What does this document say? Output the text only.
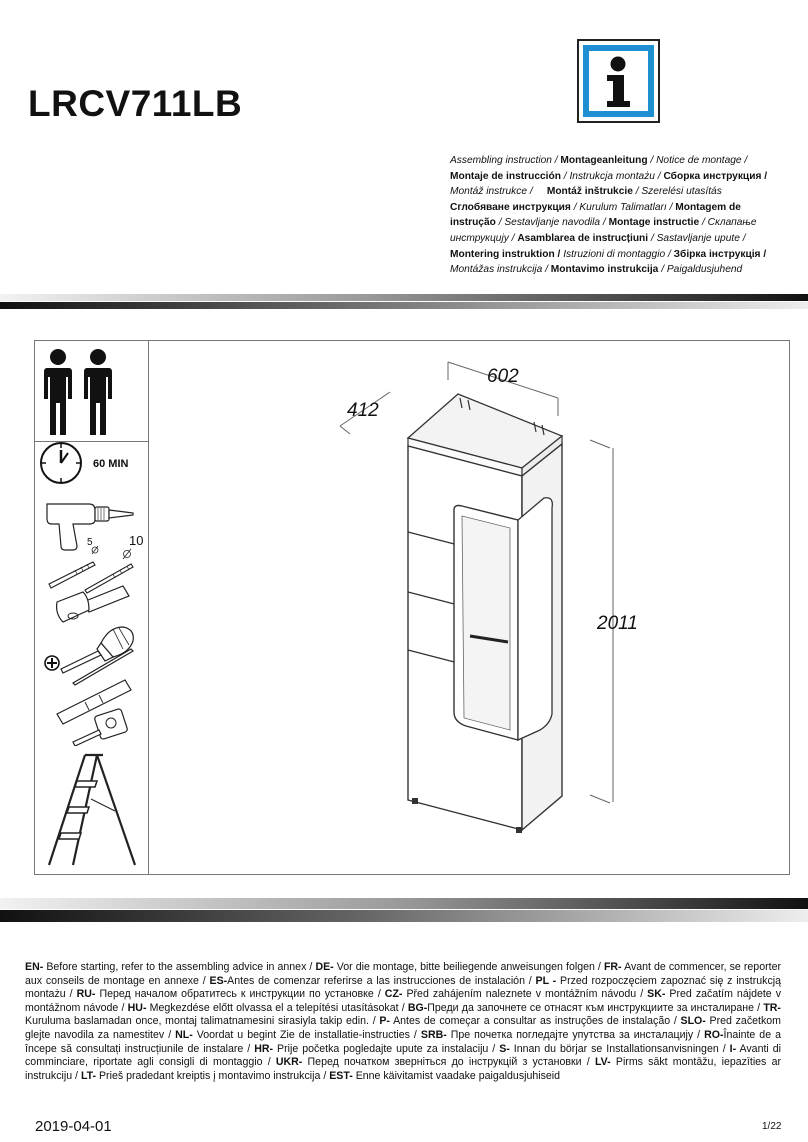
LRCV711LB
Assembling instruction / Montageanleitung / Notice de montage /
Montaje de instrucción / Instrukcja montażu / Сборка инструкция /
Montáž instrukce /     Montáž inštrukcie / Szerelési utasítás
Сглобяване инструкция / Kurulum Talimatları / Montagem de
instrução / Sestavljanje navodila / Montage instructie / Склапање
инструкцију / Asamblarea de instrucțiuni / Sastavljanje upute /
Montering instruktion / Istruzioni di montaggio / Збірка інструкція /
Montážas instrukcija / Montavimo instrukcija / Paigaldusjuhend
60 MIN
5	10
602
412
2011
EN- Before starting, refer to the assembling advice in annex / DE- Vor die montage, bitte beiliegende anweisungen folgen / FR- Avant de commencer, se reporter aux conseils de montage en annexe / ES-Antes de comenzar referirse a las instrucciones de instalación / PL - Przed rozpoczęciem zapoznać się z instrukcją montażu / RU- Перед началом обратитесь к инструкции по установке / CZ- Před zahájením naleznete v montážním návodu / SK- Pred začatím nájdete v montážnom návode / HU- Megkezdése előtt olvassa el a telepítési utasításokat / BG-Преди да започнете се отнасят към инструкциите за инсталиране / TR- Kuruluma baslamadan once, montaj talimatnamesini sirasiyla takip edin. / P- Antes de começar a consultar as instruções de instalação / SLO- Pred začetkom glejte navodila za namestitev / NL- Voordat u begint Zie de installatie-instructies / SRB- Пре почетка погледајте упутства за инсталацију / RO-Înainte de a începe să consultați instrucțiunile de instalare / HR- Prije početka pogledajte upute za instalaciju / S- Innan du börjar se Installationsanvisningen / I- Avanti di comminciare, riportate agli consigli di montaggio / UKR- Перед початком зверніться до інструкцій з установки / LV- Pirms sākt montāžu, iepazīties ar instrukciju / LT- Prieš pradedant kreiptis į montavimo instrukcija / EST- Enne käivitamist vaadake paigaldusjuhiseid
2019-04-01	1/22
